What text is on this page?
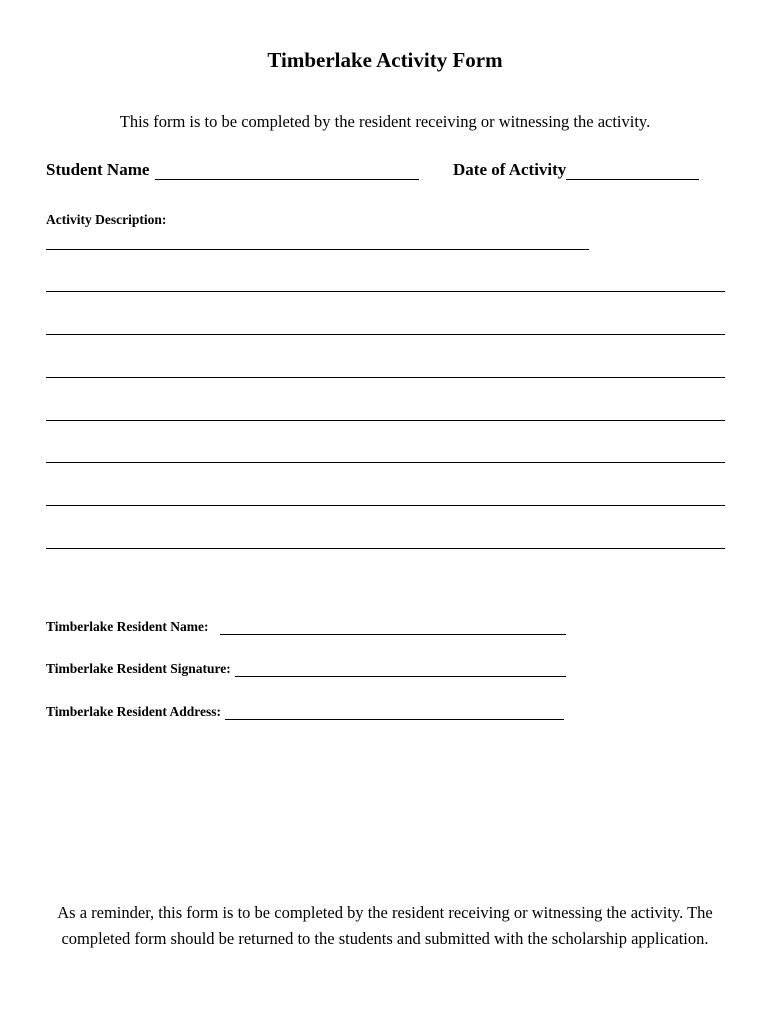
Timberlake Activity Form
This form is to be completed by the resident receiving or witnessing the activity.
Student Name	Date of Activity
Activity Description:
Timberlake Resident Name:
Timberlake Resident Signature:
Timberlake Resident Address:
As a reminder, this form is to be completed by the resident receiving or witnessing the activity. The completed form should be returned to the students and submitted with the scholarship application.
